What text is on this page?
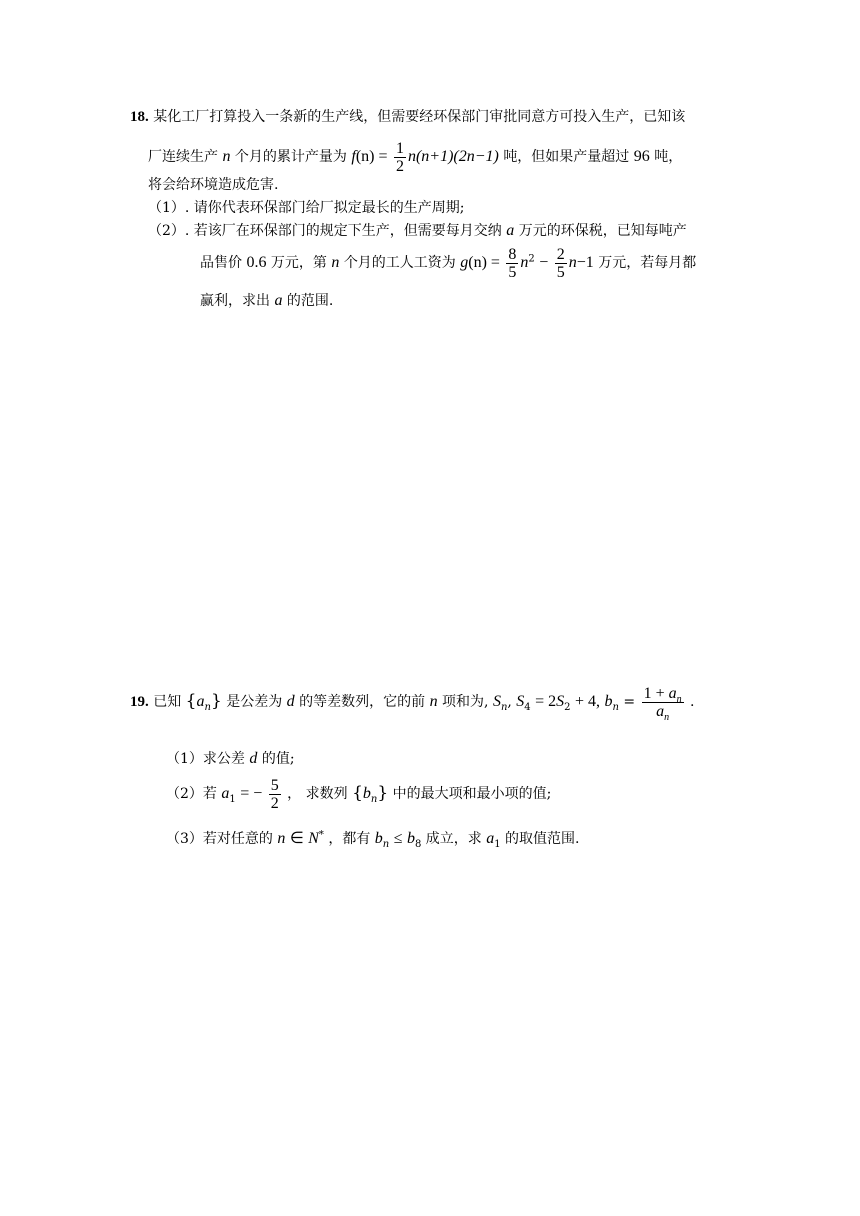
18. 某化工厂打算投入一条新的生产线，但需要经环保部门审批同意方可投入生产，已知该
厂连续生产 n 个月的累计产量为 $f(n) = \frac{1}{2} n(n+1)(2n-1)$ 吨，但如果产量超过 96 吨，
将会给环境造成危害.
（1）. 请你代表环保部门给厂拟定最长的生产周期;
（2）. 若该厂在环保部门的规定下生产，但需要每月交纳 a 万元的环保税，已知每吨产
品售价 0.6 万元，第 n 个月的工人工资为 $g(n) = \frac{8}{5} n^2 - \frac{2}{5} n-1$ 万元，若每月都
赢利，求出 a 的范围.
19. 已知 $\{a_n\}$ 是公差为 d 的等差数列，它的前 n 项和为, $S_n$, $S_4 = 2S_2 + 4$, $b_n = \frac{1 + a_n}{a_n}$ .
（1）求公差 d 的值;
（2）若 $a_1$ = − $\frac{5}{2}$ ， 求数列 $\{b_n\}$ 中的最大项和最小项的值;
（3）若对任意的 n ∈ N* ，都有 $b_n \le b_8$ 成立，求 $a_1$ 的取值范围.
